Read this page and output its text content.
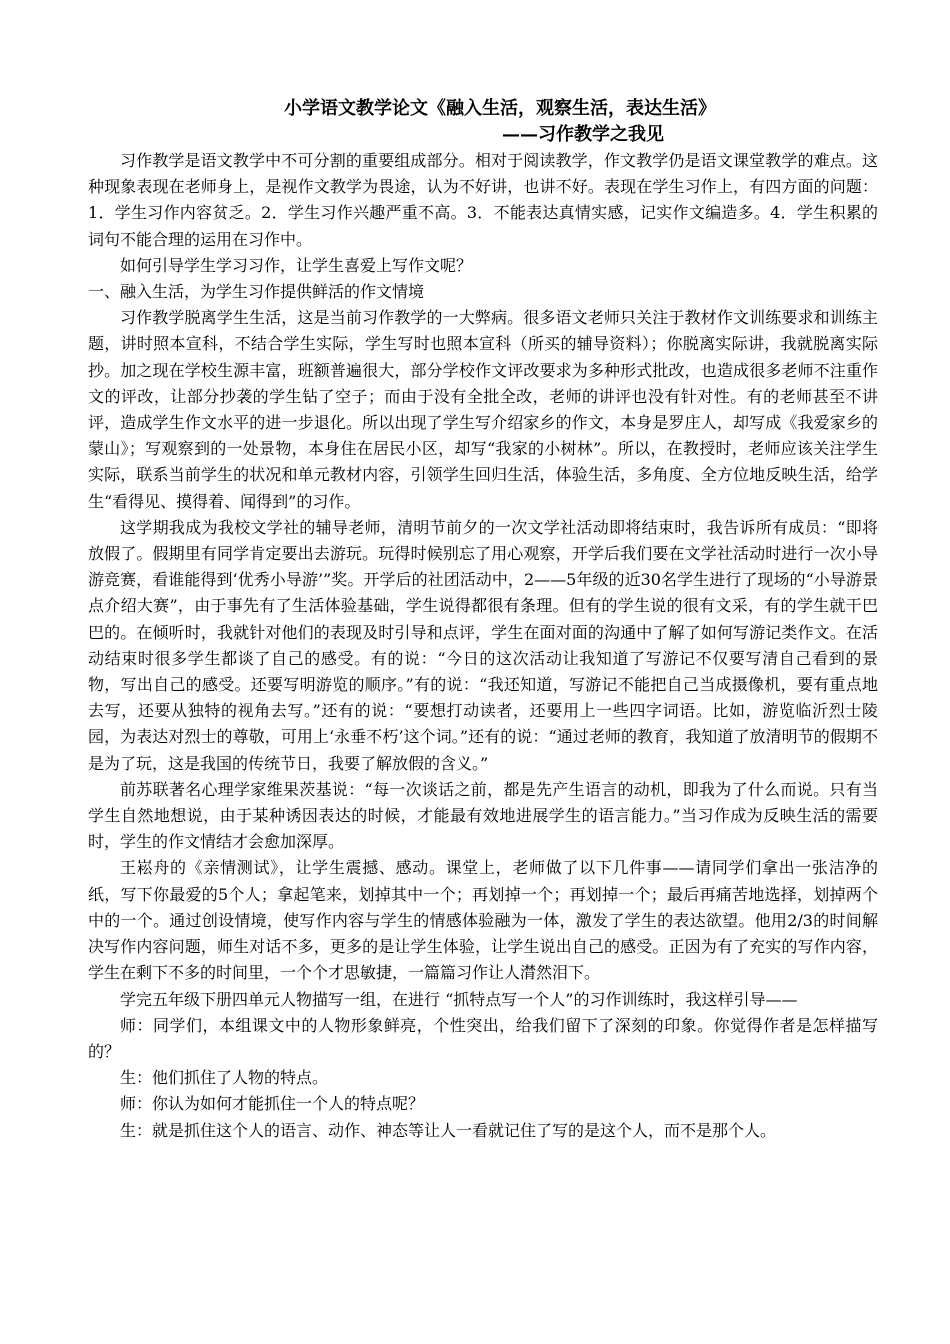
小学语文教学论文《融入生活，观察生活，表达生活》

——习作教学之我见

习作教学是语文教学中不可分割的重要组成部分。相对于阅读教学，作文教学仍是语文课堂教学的难点。这种现象表现在老师身上，是视作文教学为畏途，认为不好讲，也讲不好。表现在学生习作上，有四方面的问题：1．学生习作内容贫乏。2．学生习作兴趣严重不高。3．不能表达真情实感，记实作文编造多。4．学生积累的词句不能合理的运用在习作中。

如何引导学生学习习作，让学生喜爱上写作文呢？

一、融入生活，为学生习作提供鲜活的作文情境

习作教学脱离学生生活，这是当前习作教学的一大弊病。很多语文老师只关注于教材作文训练要求和训练主题，讲时照本宣科，不结合学生实际，学生写时也照本宣科（所买的辅导资料）；你脱离实际讲，我就脱离实际抄。加之现在学校生源丰富，班额普遍很大，部分学校作文评改要求为多种形式批改，也造成很多老师不注重作文的评改，让部分抄袭的学生钻了空子；而由于没有全批全改，老师的讲评也没有针对性。有的老师甚至不讲评，造成学生作文水平的进一步退化。所以出现了学生写介绍家乡的作文，本身是罗庄人，却写成《我爱家乡的蒙山》；写观察到的一处景物，本身住在居民小区，却写“我家的小树林”。所以，在教授时，老师应该关注学生实际，联系当前学生的状况和单元教材内容，引领学生回归生活，体验生活，多角度、全方位地反映生活，给学生“看得见、摸得着、闻得到”的习作。

这学期我成为我校文学社的辅导老师，清明节前夕的一次文学社活动即将结束时，我告诉所有成员：“即将放假了。假期里有同学肯定要出去游玩。玩得时候别忘了用心观察，开学后我们要在文学社活动时进行一次小导游竞赛，看谁能得到‘优秀小导游’”奖。开学后的社团活动中，2——5年级的近30名学生进行了现场的“小导游景点介绍大赛”，由于事先有了生活体验基础，学生说得都很有条理。但有的学生说的很有文采，有的学生就干巴巴的。在倾听时，我就针对他们的表现及时引导和点评，学生在面对面的沟通中了解了如何写游记类作文。在活动结束时很多学生都谈了自己的感受。有的说：“今日的这次活动让我知道了写游记不仅要写清自己看到的景物，写出自己的感受。还要写明游览的顺序。”有的说：“我还知道，写游记不能把自己当成摄像机，要有重点地去写，还要从独特的视角去写。”还有的说：“要想打动读者，还要用上一些四字词语。比如，游览临沂烈士陵园，为表达对烈士的尊敬，可用上‘永垂不朽’这个词。”还有的说：“通过老师的教育，我知道了放清明节的假期不是为了玩，这是我国的传统节日，我要了解放假的含义。”

前苏联著名心理学家维果茨基说：“每一次谈话之前，都是先产生语言的动机，即我为了什么而说。只有当学生自然地想说，由于某种诱因表达的时候，才能最有效地进展学生的语言能力。”当习作成为反映生活的需要时，学生的作文情结才会愈加深厚。

王崧舟的《亲情测试》，让学生震撼、感动。课堂上，老师做了以下几件事——请同学们拿出一张洁净的纸，写下你最爱的5个人；拿起笔来，划掉其中一个；再划掉一个；再划掉一个；最后再痛苦地选择，划掉两个中的一个。通过创设情境，使写作内容与学生的情感体验融为一体，激发了学生的表达欲望。他用2/3的时间解决写作内容问题，师生对话不多，更多的是让学生体验，让学生说出自己的感受。正因为有了充实的写作内容，学生在剩下不多的时间里，一个个才思敏捷，一篇篇习作让人潸然泪下。

学完五年级下册四单元人物描写一组，在进行 “抓特点写一个人”的习作训练时，我这样引导——

师：同学们，本组课文中的人物形象鲜亮，个性突出，给我们留下了深刻的印象。你觉得作者是怎样描写的？

生：他们抓住了人物的特点。

师：你认为如何才能抓住一个人的特点呢？

生：就是抓住这个人的语言、动作、神态等让人一看就记住了写的是这个人，而不是那个人。
